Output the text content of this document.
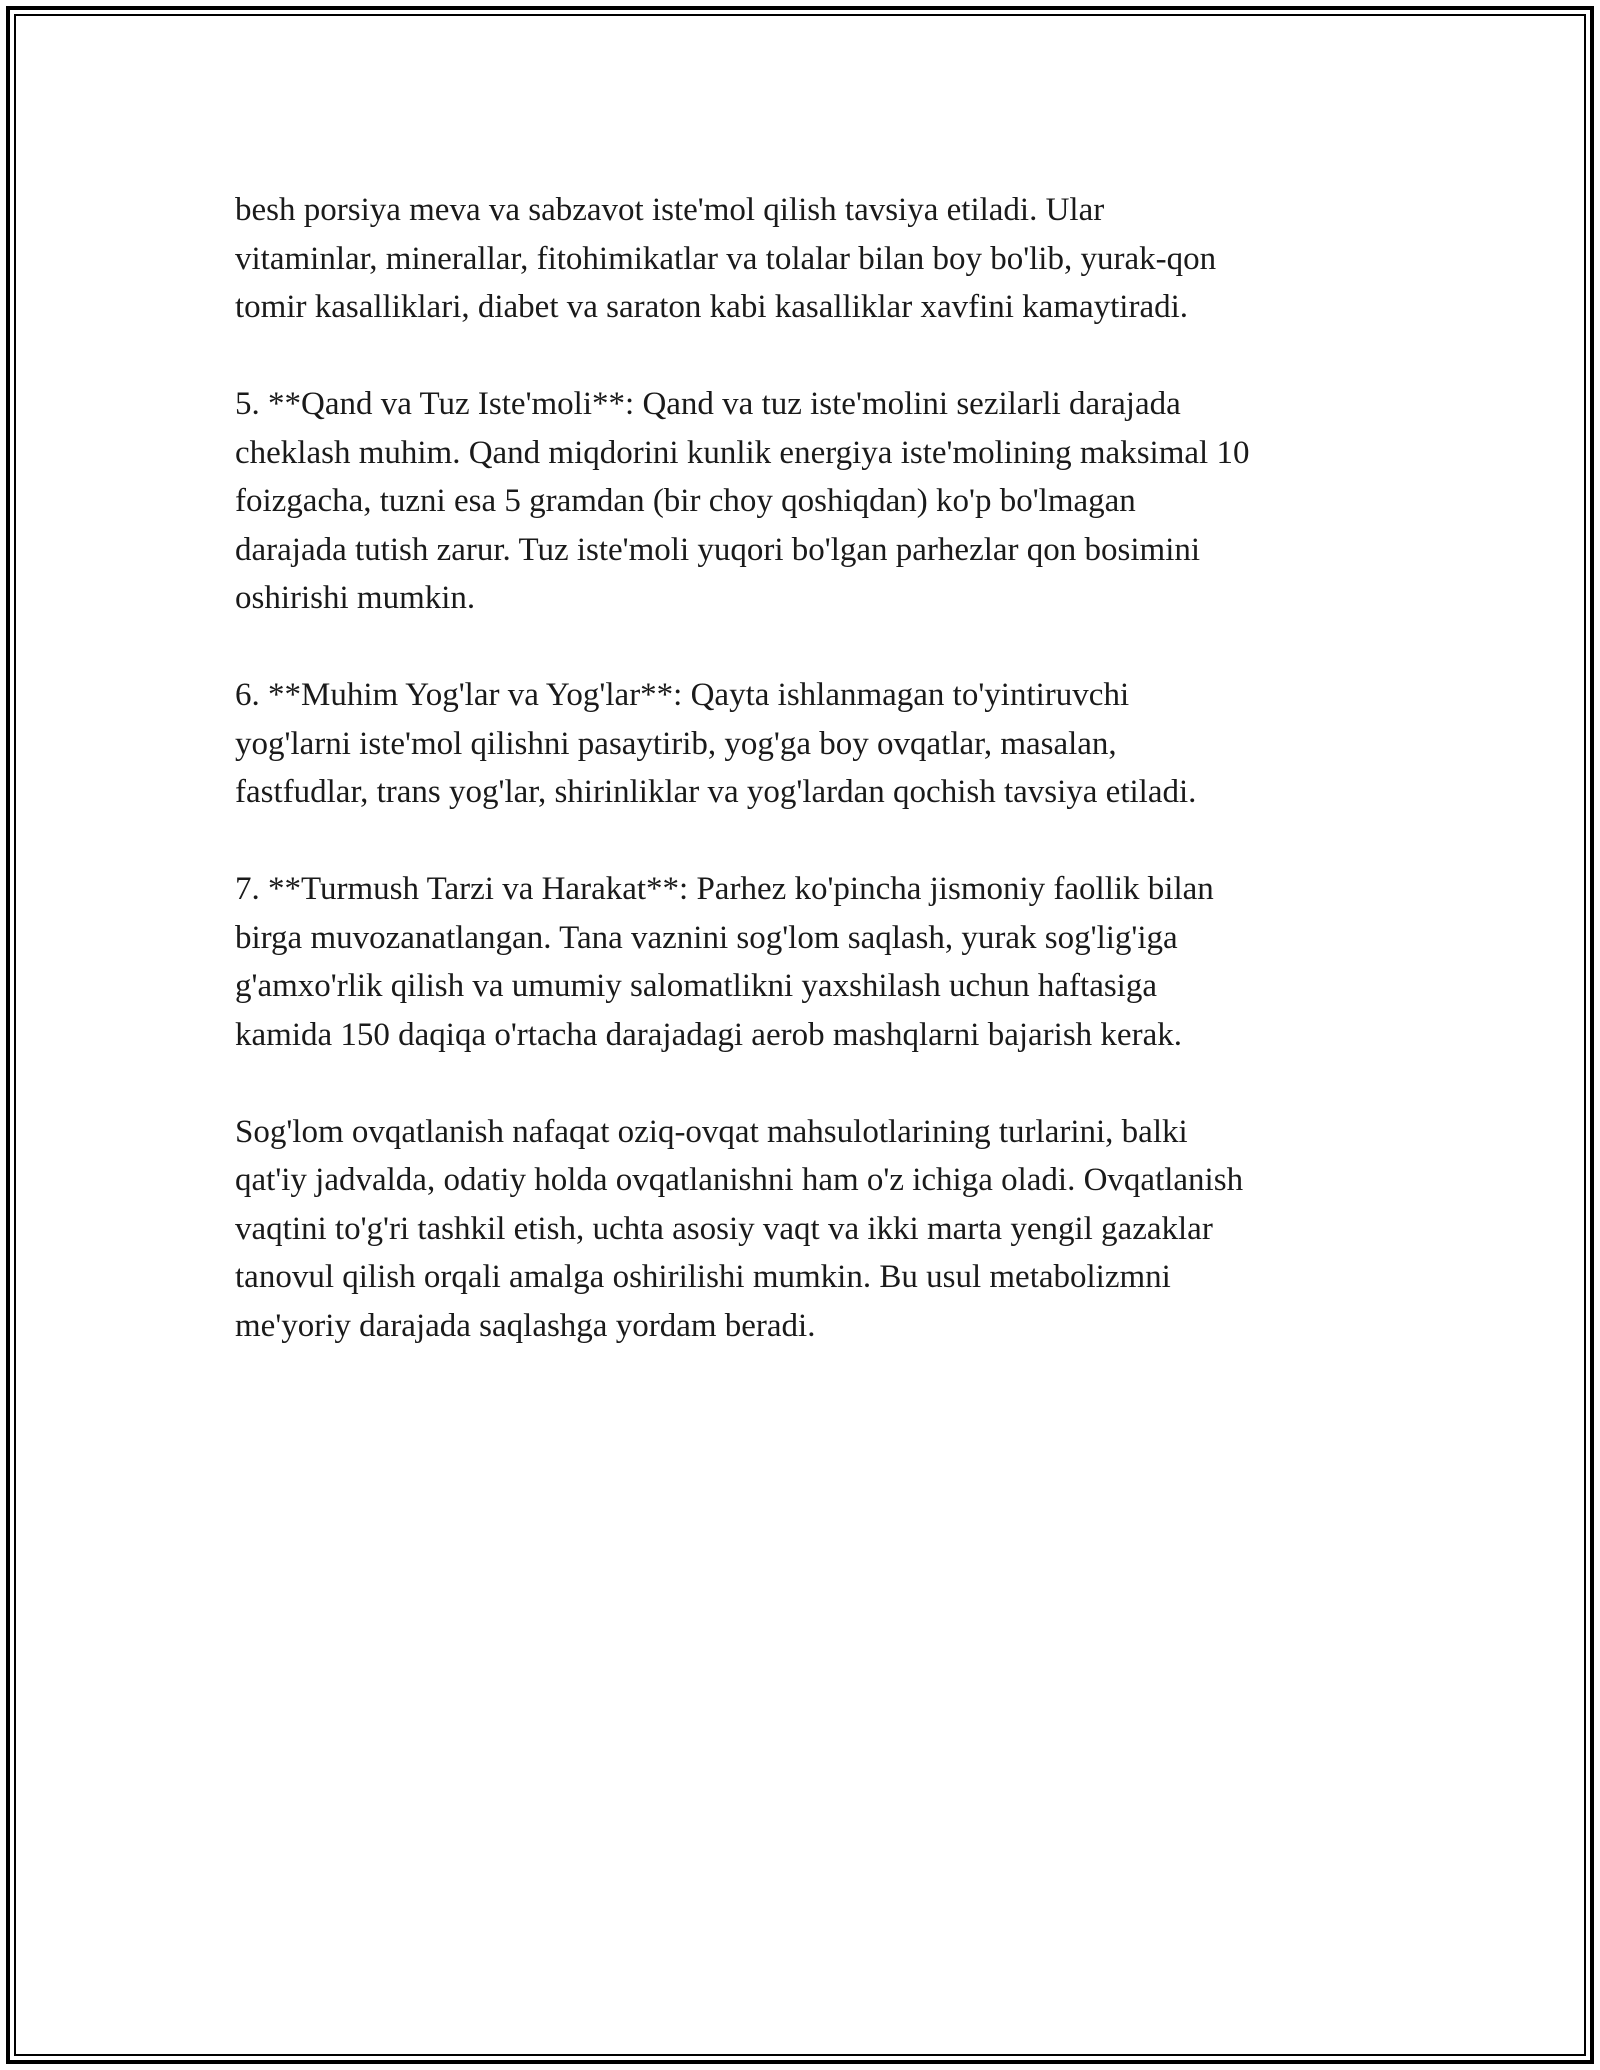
besh porsiya meva va sabzavot iste'mol qilish tavsiya etiladi. Ular
vitaminlar, minerallar, fitohimikatlar va tolalar bilan boy bo'lib, yurak-qon
tomir kasalliklari, diabet va saraton kabi kasalliklar xavfini kamaytiradi.

5. **Qand va Tuz Iste'moli**: Qand va tuz iste'molini sezilarli darajada
cheklash muhim. Qand miqdorini kunlik energiya iste'molining maksimal 10
foizgacha, tuzni esa 5 gramdan (bir choy qoshiqdan) ko'p bo'lmagan
darajada tutish zarur. Tuz iste'moli yuqori bo'lgan parhezlar qon bosimini
oshirishi mumkin.

6. **Muhim Yog'lar va Yog'lar**: Qayta ishlanmagan to'yintiruvchi
yog'larni iste'mol qilishni pasaytirib, yog'ga boy ovqatlar, masalan,
fastfudlar, trans yog'lar, shirinliklar va yog'lardan qochish tavsiya etiladi.

7. **Turmush Tarzi va Harakat**: Parhez ko'pincha jismoniy faollik bilan
birga muvozanatlangan. Tana vaznini sog'lom saqlash, yurak sog'lig'iga
g'amxo'rlik qilish va umumiy salomatlikni yaxshilash uchun haftasiga
kamida 150 daqiqa o'rtacha darajadagi aerob mashqlarni bajarish kerak.

Sog'lom ovqatlanish nafaqat oziq-ovqat mahsulotlarining turlarini, balki
qat'iy jadvalda, odatiy holda ovqatlanishni ham o'z ichiga oladi. Ovqatlanish
vaqtini to'g'ri tashkil etish, uchta asosiy vaqt va ikki marta yengil gazaklar
tanovul qilish orqali amalga oshirilishi mumkin. Bu usul metabolizmni
me'yoriy darajada saqlashga yordam beradi.
